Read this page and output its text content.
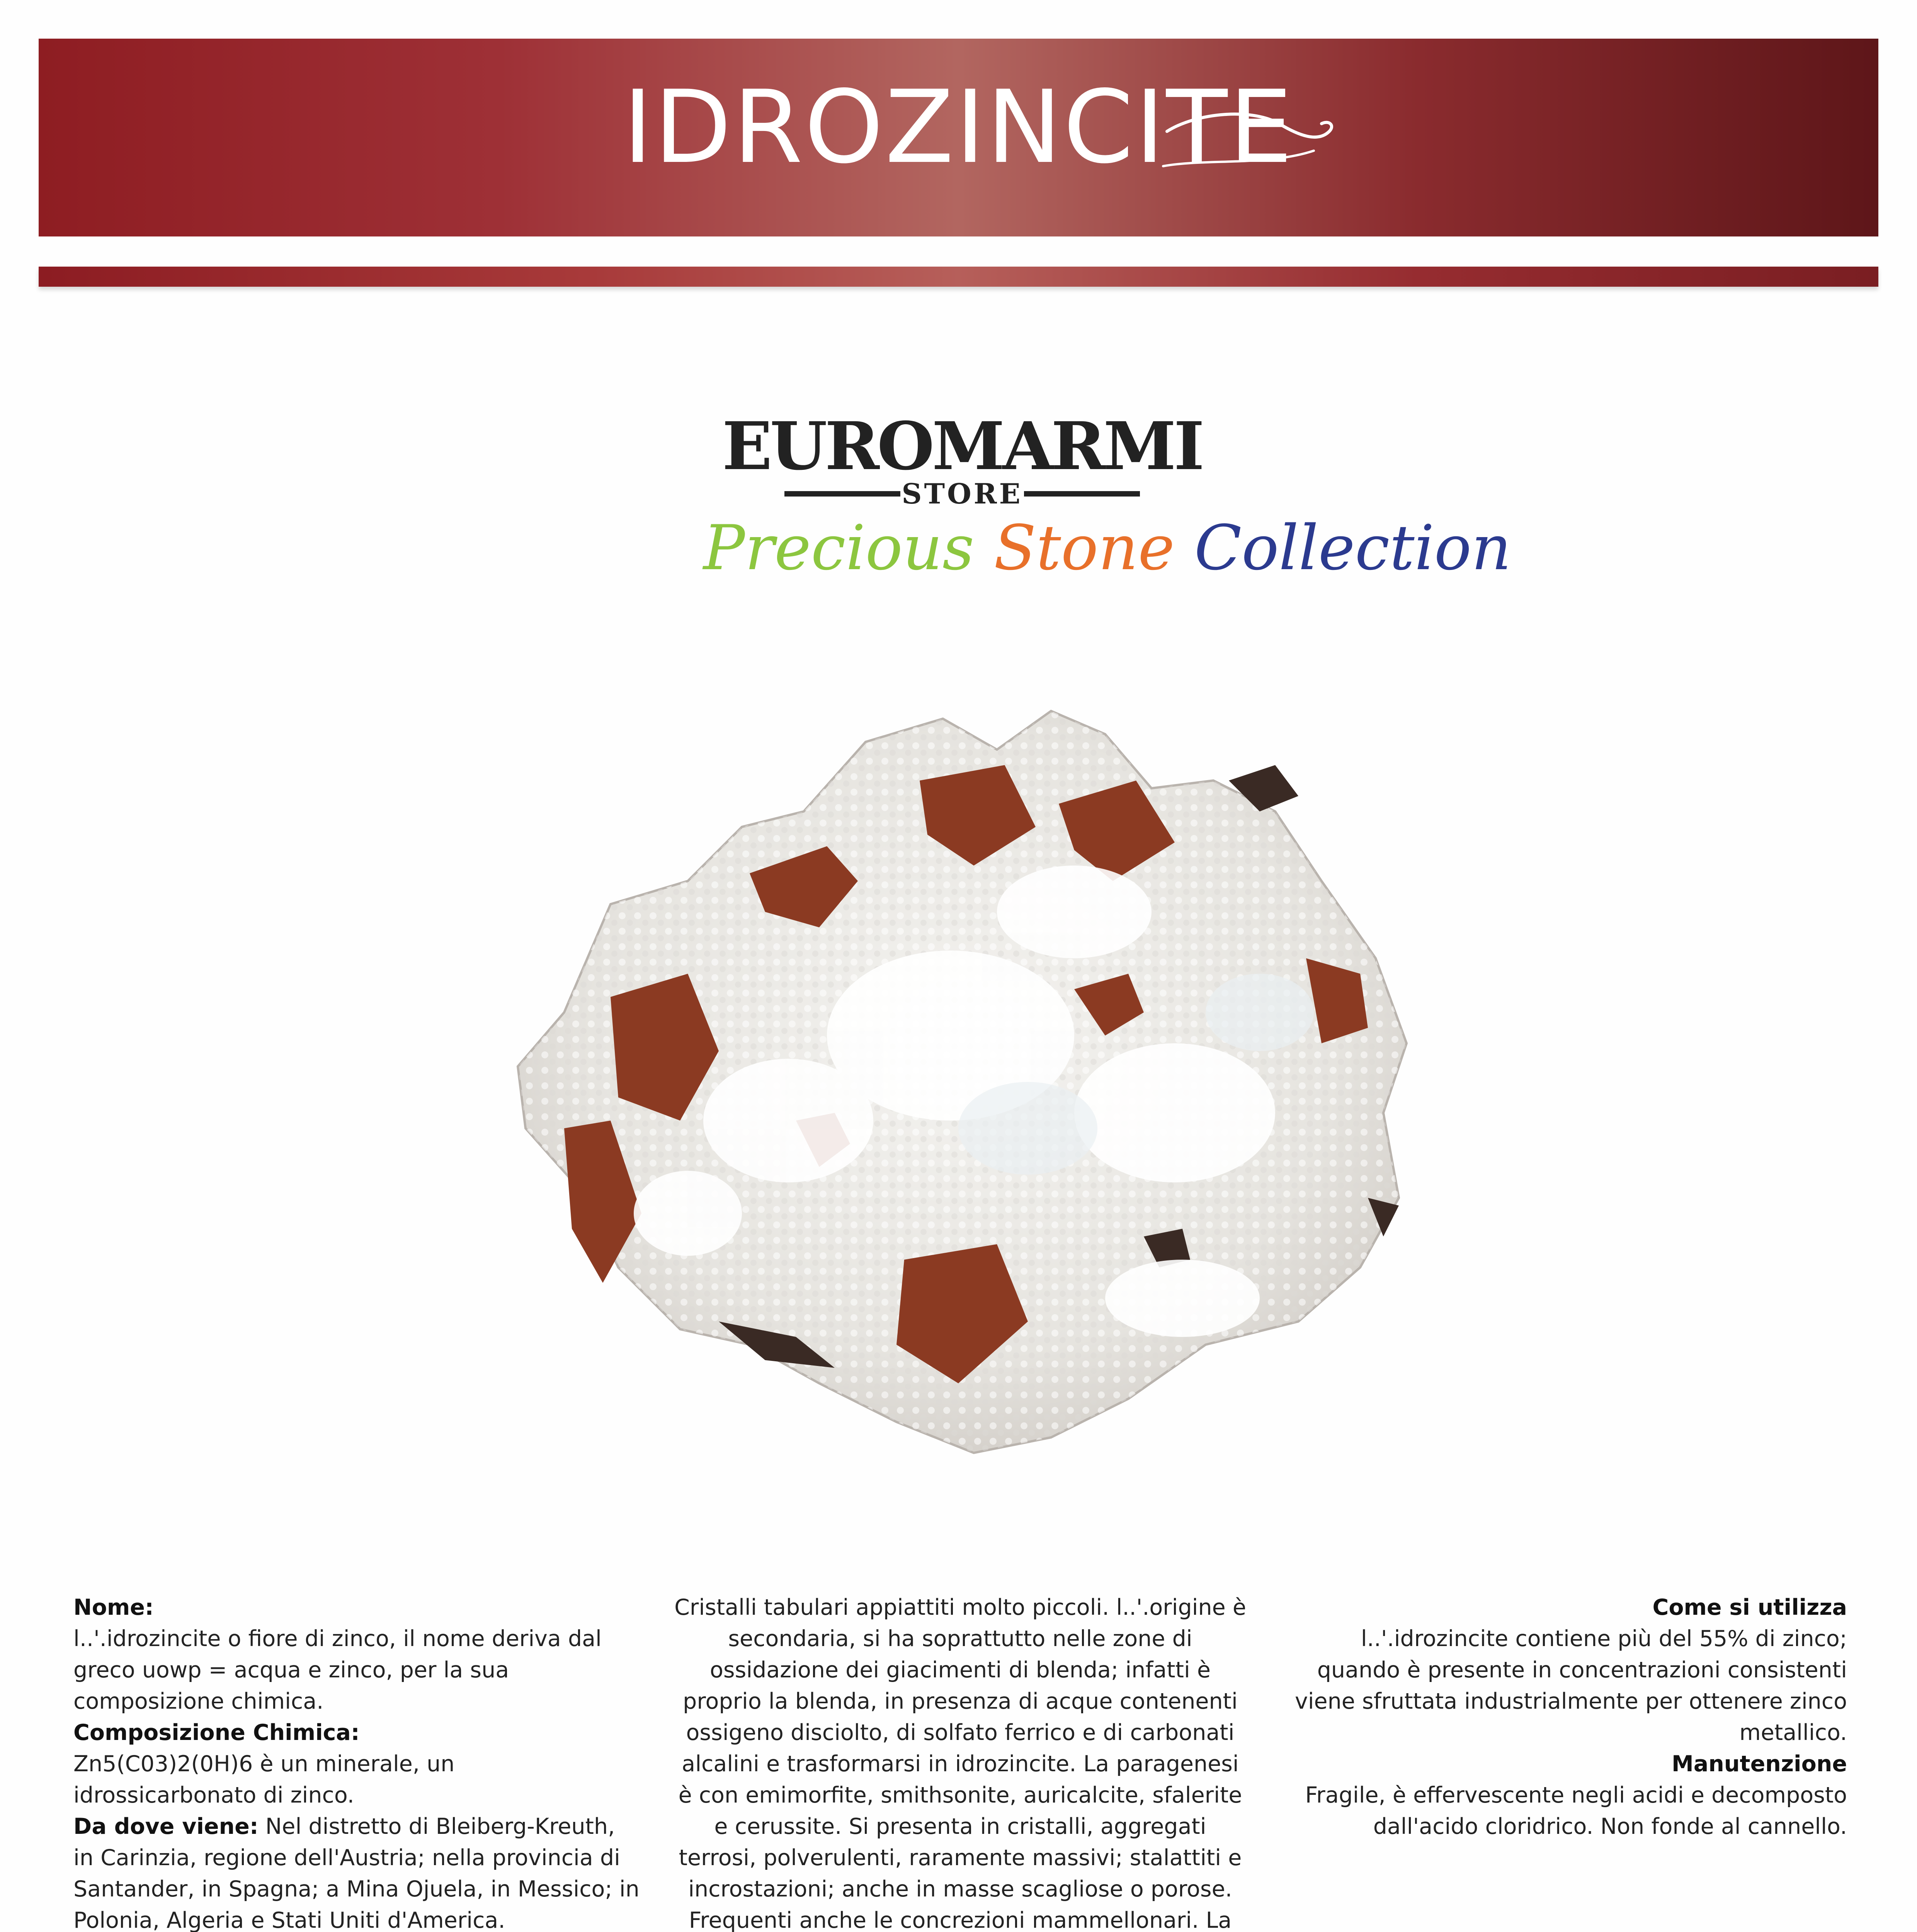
IDROZINCITE
EUROMARMI
STORE
Precious Stone Collection

Nome:

l..'.idrozincite o fiore di zinco, il nome deriva dal greco uowp = acqua e zinco, per la sua composizione chimica.

Composizione Chimica:

Zn5(C03)2(0H)6 è un minerale, un idrossicarbonato di zinco.

Da dove viene: Nel distretto di Bleiberg-Kreuth, in Carinzia, regione dell'Austria; nella provincia di Santander, in Spagna; a Mina Ojuela, in Messico; in Polonia, Algeria e Stati Uniti d'America.

Cristalli tabulari appiattiti molto piccoli. l..'.origine è secondaria, si ha soprattutto nelle zone di ossidazione dei giacimenti di blenda; infatti è proprio la blenda, in presenza di acque contenenti ossigeno disciolto, di solfato ferrico e di carbonati alcalini e trasformarsi in idrozincite. La paragenesi è con emimorfite, smithsonite, auricalcite, sfalerite e cerussite. Si presenta in cristalli, aggregati terrosi, polverulenti, raramente massivi; stalattiti e incrostazioni; anche in masse scagliose o porose. Frequenti anche le concrezioni mammellonari. La

Come si utilizza

l..'.idrozincite contiene più del 55% di zinco; quando è presente in concentrazioni consistenti viene sfruttata industrialmente per ottenere zinco metallico.

Manutenzione

Fragile, è effervescente negli acidi e decomposto dall'acido cloridrico. Non fonde al cannello.
